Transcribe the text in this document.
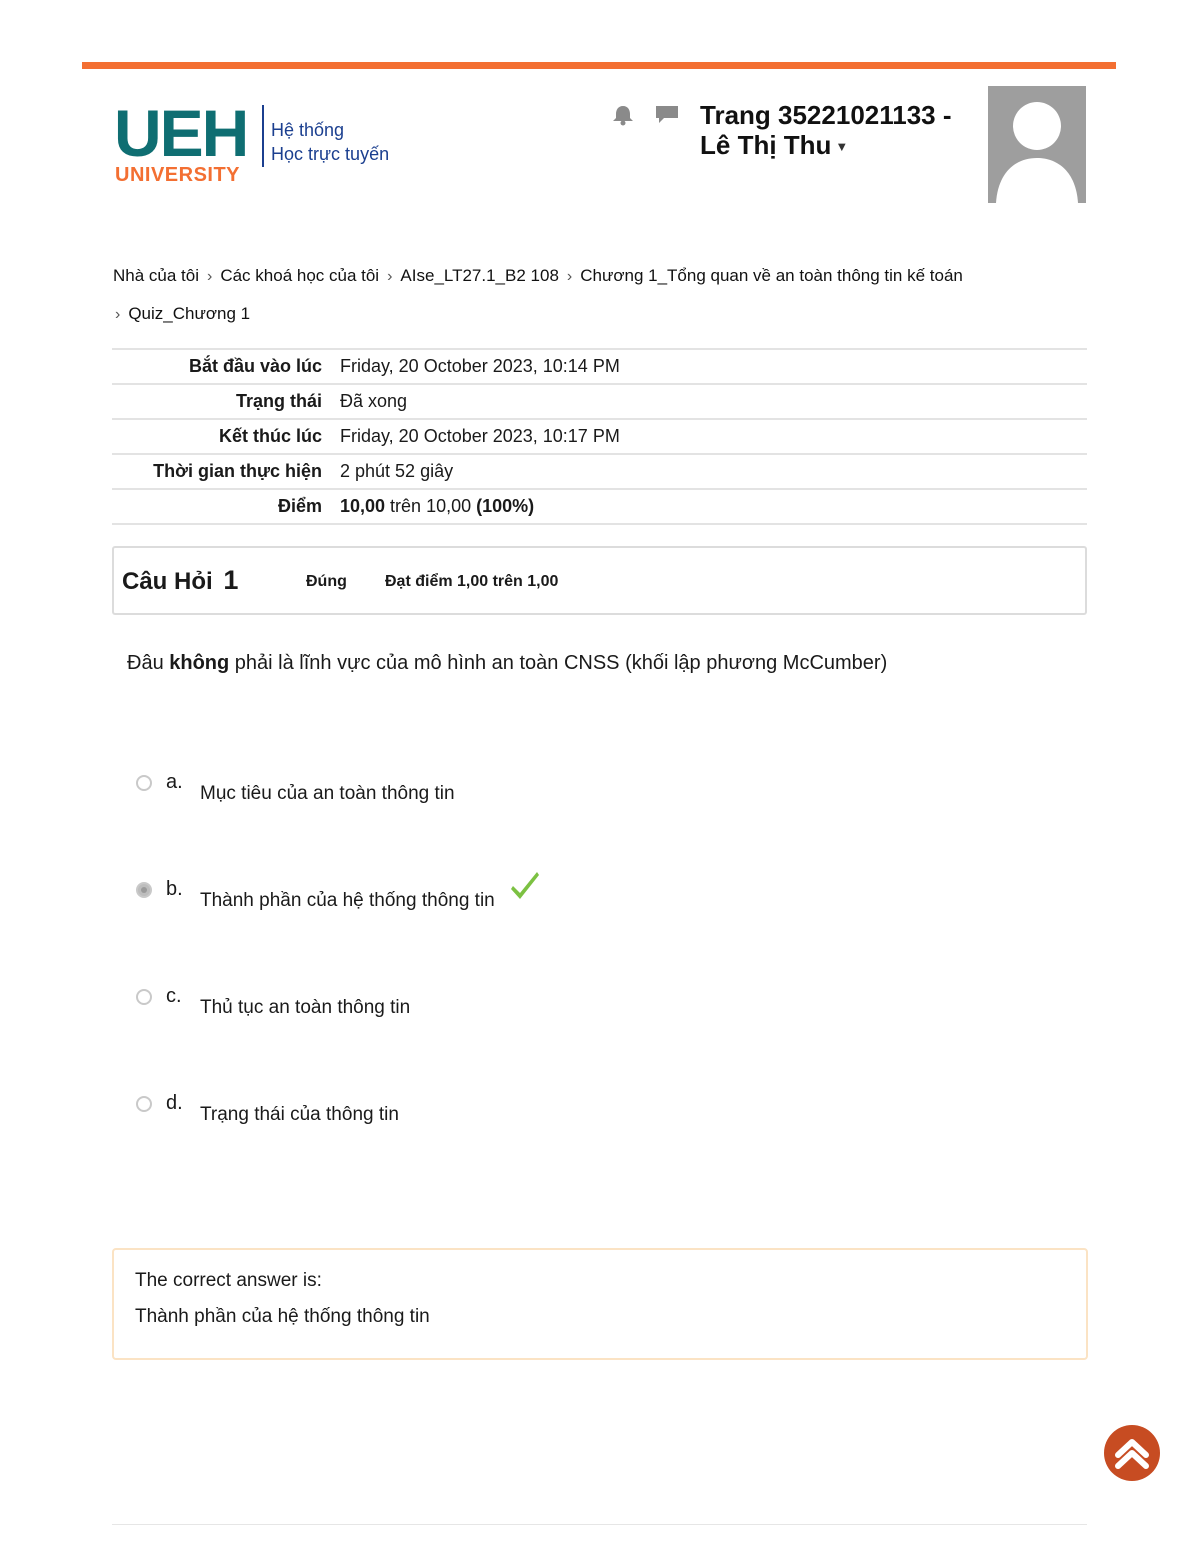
UEH
UNIVERSITY
Hệ thống
Học trực tuyến
Trang 35221021133 -
Lê Thị Thu ▼
Nhà của tôi › Các khoá học của tôi › AIse_LT27.1_B2 108 › Chương 1_Tổng quan về an toàn thông tin kế toán
› Quiz_Chương 1
Bắt đầu vào lúc	Friday, 20 October 2023, 10:14 PM
Trạng thái	Đã xong
Kết thúc lúc	Friday, 20 October 2023, 10:17 PM
Thời gian thực hiện	2 phút 52 giây
Điểm	10,00 trên 10,00 (100%)
Câu Hỏi 1	Đúng Đạt điểm 1,00 trên 1,00
Đâu không phải là lĩnh vực của mô hình an toàn CNSS (khối lập phương McCumber)
a.
Mục tiêu của an toàn thông tin
b.
Thành phần của hệ thống thông tin
c.
Thủ tục an toàn thông tin
d.
Trạng thái của thông tin
The correct answer is:
Thành phần của hệ thống thông tin
